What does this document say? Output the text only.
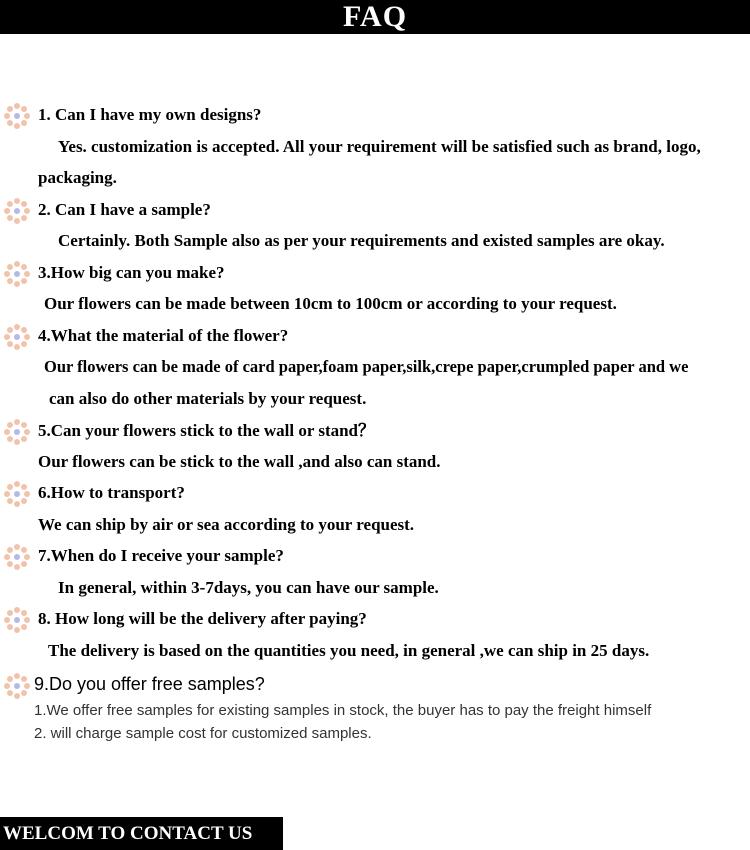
FAQ
1. Can I have my own designs?
Yes. customization is accepted. All your requirement will be satisfied such as brand, logo,
packaging.
2. Can I have a sample?
Certainly. Both Sample also as per your requirements and existed samples are okay.
3.How big can you make?
Our flowers can be made between 10cm to 100cm or according to your request.
4.What the material of the flower?
Our flowers can be made of card paper,foam paper,silk,crepe paper,crumpled paper and we
can also do other materials by your request.
5.Can your flowers stick to the wall or stand？
Our flowers can be stick to the wall ,and also can stand.
6.How to transport?
We can ship by air or sea according to your request.
7.When do I receive your sample?
In general, within 3-7days, you can have our sample.
8. How long will be the delivery after paying?
The delivery is based on the quantities you need, in general ,we can ship in 25 days.
9.Do you offer free samples?
1.We offer free samples for existing samples in stock, the buyer has to pay the freight himself
2. will charge sample cost for customized samples.
WELCOM TO CONTACT US
